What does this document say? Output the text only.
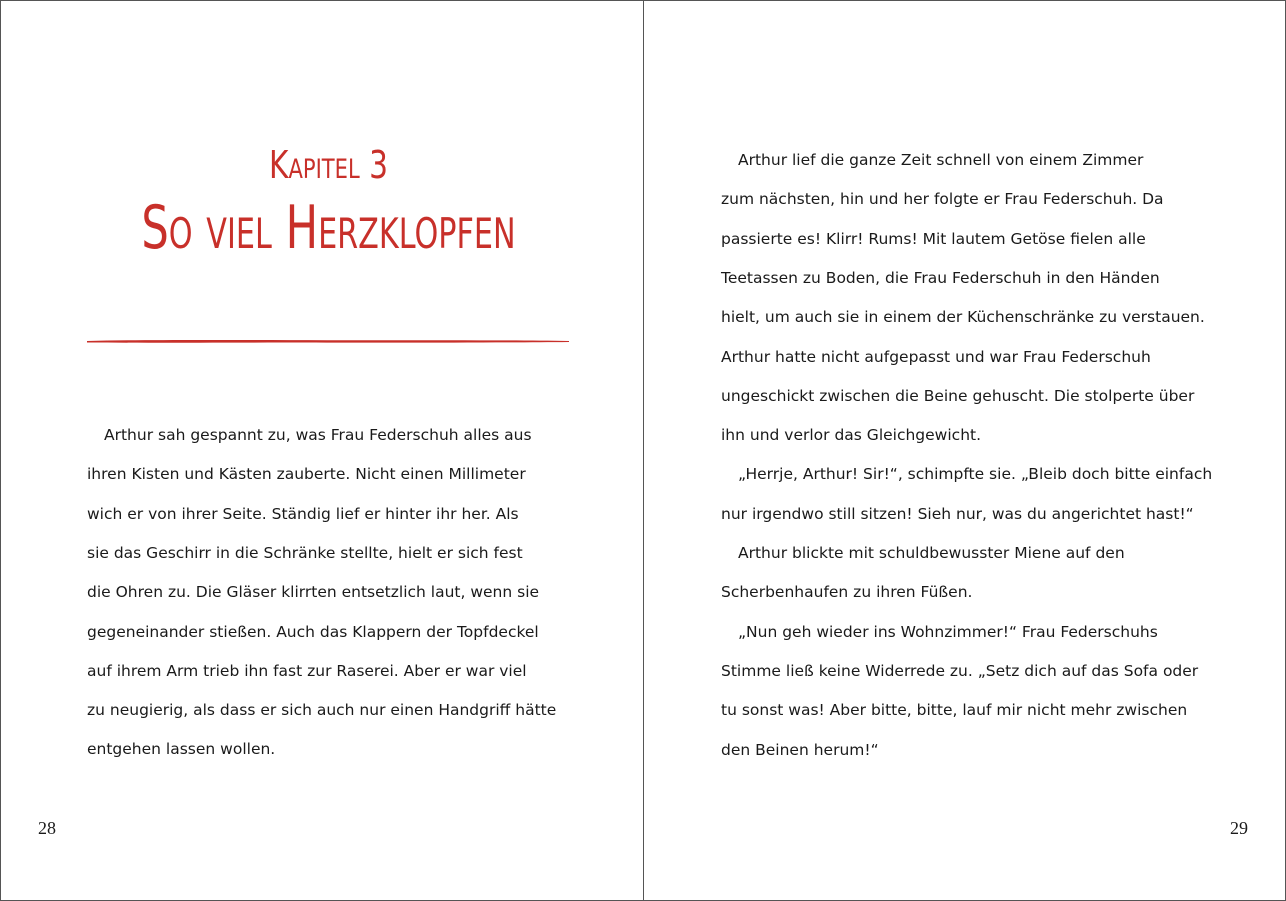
Kapitel 3
So viel Herzklopfen
Arthur sah gespannt zu, was Frau Federschuh alles aus
ihren Kisten und Kästen zauberte. Nicht einen Millimeter
wich er von ihrer Seite. Ständig lief er hinter ihr her. Als
sie das Geschirr in die Schränke stellte, hielt er sich fest
die Ohren zu. Die Gläser klirrten entsetzlich laut, wenn sie
gegeneinander stießen. Auch das Klappern der Topfdeckel
auf ihrem Arm trieb ihn fast zur Raserei. Aber er war viel
zu neugierig, als dass er sich auch nur einen Handgriff hätte
entgehen lassen wollen.
28
Arthur lief die ganze Zeit schnell von einem Zimmer
zum nächsten, hin und her folgte er Frau Federschuh. Da
passierte es! Klirr! Rums! Mit lautem Getöse fielen alle
Teetassen zu Boden, die Frau Federschuh in den Händen
hielt, um auch sie in einem der Küchenschränke zu verstauen.
Arthur hatte nicht aufgepasst und war Frau Federschuh
ungeschickt zwischen die Beine gehuscht. Die stolperte über
ihn und verlor das Gleichgewicht.
„Herrje, Arthur! Sir!“, schimpfte sie. „Bleib doch bitte einfach
nur irgendwo still sitzen! Sieh nur, was du angerichtet hast!“
Arthur blickte mit schuldbewusster Miene auf den
Scherbenhaufen zu ihren Füßen.
„Nun geh wieder ins Wohnzimmer!“ Frau Federschuhs
Stimme ließ keine Widerrede zu. „Setz dich auf das Sofa oder
tu sonst was! Aber bitte, bitte, lauf mir nicht mehr zwischen
den Beinen herum!“
29
